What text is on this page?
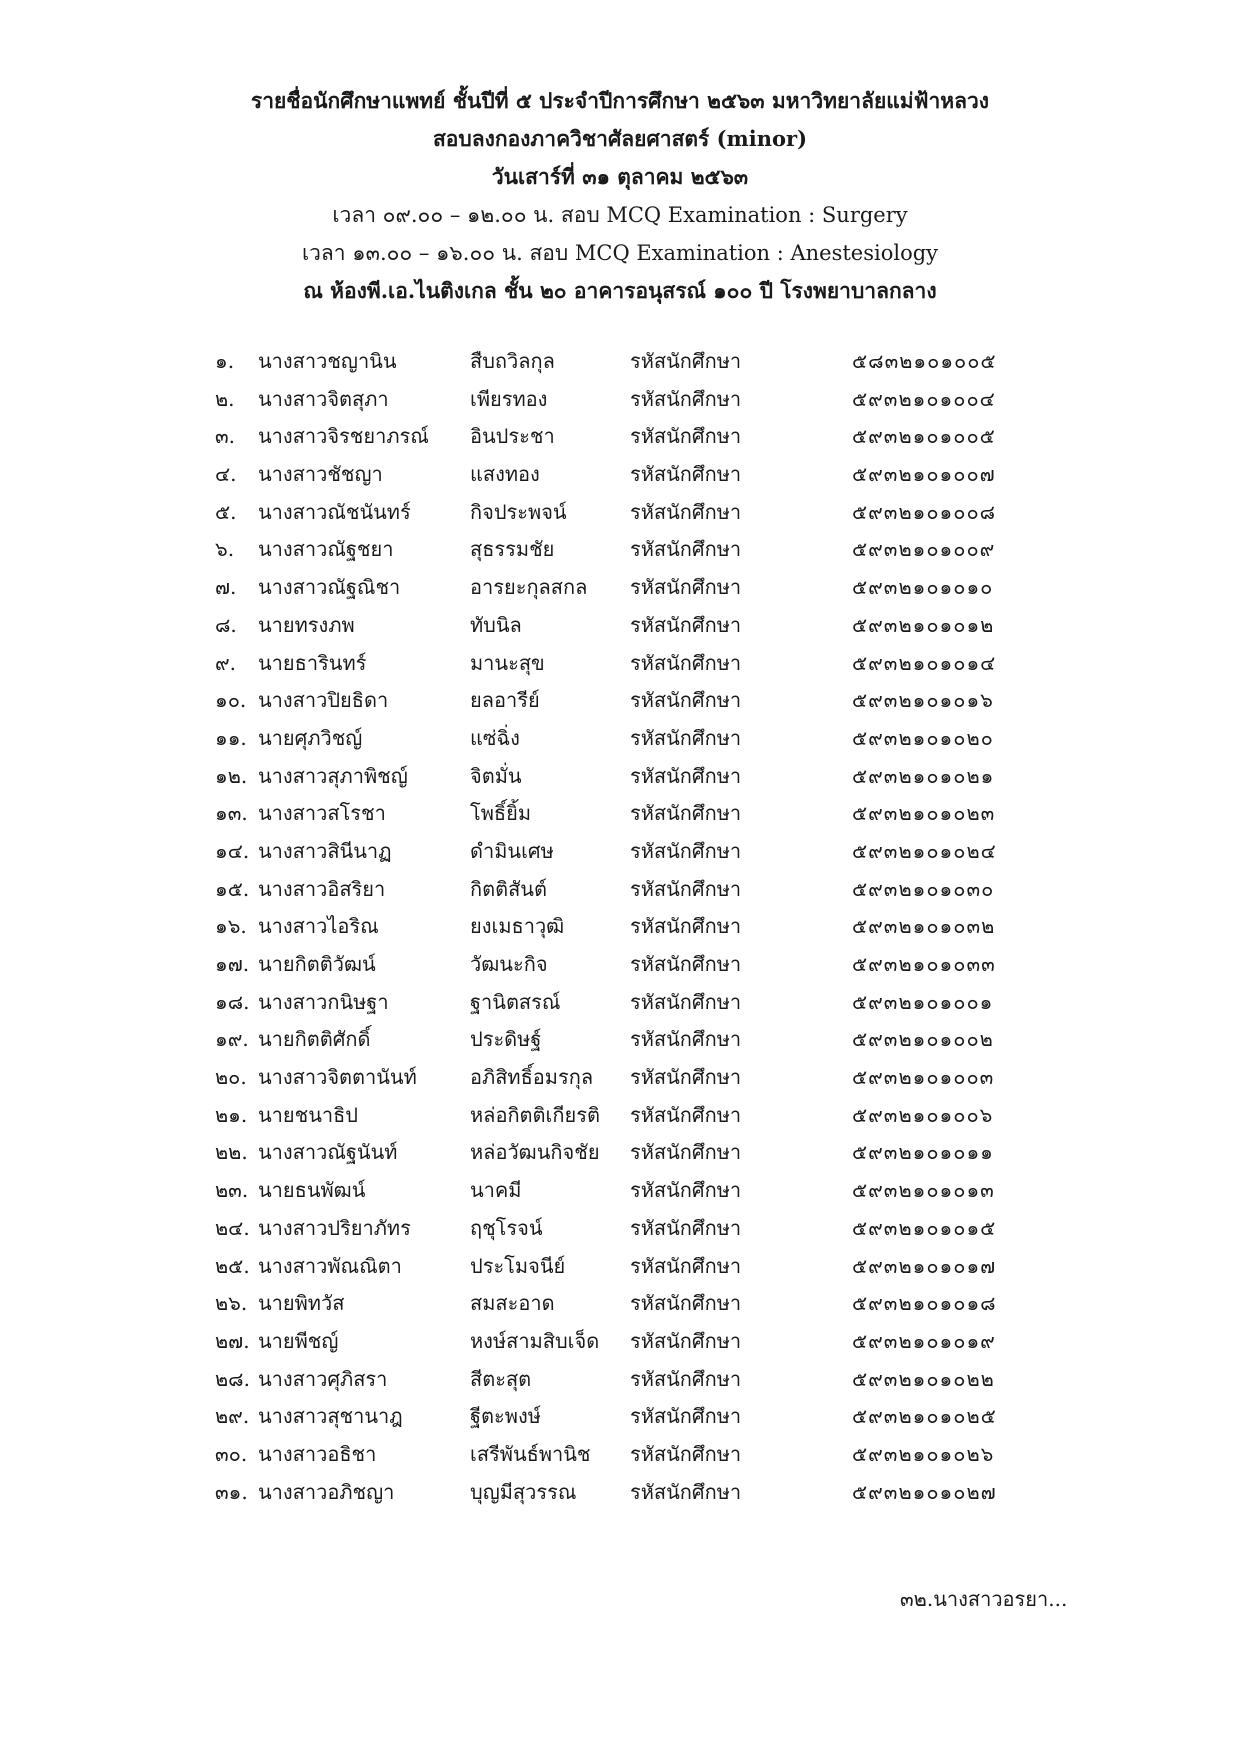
รายชื่อนักศึกษาแพทย์ ชั้นปีที่ ๕ ประจำปีการศึกษา ๒๕๖๓ มหาวิทยาลัยแม่ฟ้าหลวง
สอบลงกองภาควิชาศัลยศาสตร์ (minor)
วันเสาร์ที่ ๓๑ ตุลาคม ๒๕๖๓
เวลา ๐๙.๐๐ – ๑๒.๐๐ น. สอบ MCQ Examination : Surgery
เวลา ๑๓.๐๐ – ๑๖.๐๐ น. สอบ MCQ Examination : Anestesiology
ณ ห้องพี.เอ.ไนติงเกล ชั้น ๒๐ อาคารอนุสรณ์ ๑๐๐ ปี โรงพยาบาลกลาง
๑.	นางสาวชญานิน	สืบถวิลกุล	รหัสนักศึกษา	๕๘๓๒๑๐๑๐๐๕
๒.	นางสาวจิตสุภา	เพียรทอง	รหัสนักศึกษา	๕๙๓๒๑๐๑๐๐๔
๓.	นางสาวจิรชยาภรณ์	อินประชา	รหัสนักศึกษา	๕๙๓๒๑๐๑๐๐๕
๔.	นางสาวชัชญา	แสงทอง	รหัสนักศึกษา	๕๙๓๒๑๐๑๐๐๗
๕.	นางสาวณัชนันทร์	กิจประพจน์	รหัสนักศึกษา	๕๙๓๒๑๐๑๐๐๘
๖.	นางสาวณัฐชยา	สุธรรมชัย	รหัสนักศึกษา	๕๙๓๒๑๐๑๐๐๙
๗.	นางสาวณัฐณิชา	อารยะกุลสกล	รหัสนักศึกษา	๕๙๓๒๑๐๑๐๑๐
๘.	นายทรงภพ	ทับนิล	รหัสนักศึกษา	๕๙๓๒๑๐๑๐๑๒
๙.	นายธารินทร์	มานะสุข	รหัสนักศึกษา	๕๙๓๒๑๐๑๐๑๔
๑๐. นางสาวปิยธิดา	ยลอารีย์	รหัสนักศึกษา	๕๙๓๒๑๐๑๐๑๖
๑๑. นายศุภวิชญ์	แซ่ฉิ่ง	รหัสนักศึกษา	๕๙๓๒๑๐๑๐๒๐
๑๒. นางสาวสุภาพิชญ์	จิตมั่น	รหัสนักศึกษา	๕๙๓๒๑๐๑๐๒๑
๑๓. นางสาวสโรชา	โพธิ์ยิ้ม	รหัสนักศึกษา	๕๙๓๒๑๐๑๐๒๓
๑๔. นางสาวสินีนาฏ	ดำมินเศษ	รหัสนักศึกษา	๕๙๓๒๑๐๑๐๒๔
๑๕. นางสาวอิสริยา	กิตติสันต์	รหัสนักศึกษา	๕๙๓๒๑๐๑๐๓๐
๑๖. นางสาวไอริณ	ยงเมธาวุฒิ	รหัสนักศึกษา	๕๙๓๒๑๐๑๐๓๒
๑๗. นายกิตติวัฒน์	วัฒนะกิจ	รหัสนักศึกษา	๕๙๓๒๑๐๑๐๓๓
๑๘. นางสาวกนิษฐา	ฐานิตสรณ์	รหัสนักศึกษา	๕๙๓๒๑๐๑๐๐๑
๑๙. นายกิตติศักดิ์	ประดิษฐ์	รหัสนักศึกษา	๕๙๓๒๑๐๑๐๐๒
๒๐. นางสาวจิตตานันท์	อภิสิทธิ์อมรกุล	รหัสนักศึกษา	๕๙๓๒๑๐๑๐๐๓
๒๑. นายชนาธิป	หล่อกิตติเกียรติ	รหัสนักศึกษา	๕๙๓๒๑๐๑๐๐๖
๒๒. นางสาวณัฐนันท์	หล่อวัฒนกิจชัย	รหัสนักศึกษา	๕๙๓๒๑๐๑๐๑๑
๒๓. นายธนพัฒน์	นาคมี	รหัสนักศึกษา	๕๙๓๒๑๐๑๐๑๓
๒๔. นางสาวปริยาภัทร	ฤชุโรจน์	รหัสนักศึกษา	๕๙๓๒๑๐๑๐๑๕
๒๕. นางสาวพัณณิตา	ประโมจนีย์	รหัสนักศึกษา	๕๙๓๒๑๐๑๐๑๗
๒๖. นายพิทวัส	สมสะอาด	รหัสนักศึกษา	๕๙๓๒๑๐๑๐๑๘
๒๗. นายพีชญ์	หงษ์สามสิบเจ็ด	รหัสนักศึกษา	๕๙๓๒๑๐๑๐๑๙
๒๘. นางสาวศุภิสรา	สีตะสุต	รหัสนักศึกษา	๕๙๓๒๑๐๑๐๒๒
๒๙. นางสาวสุชานาฎ	ฐีตะพงษ์	รหัสนักศึกษา	๕๙๓๒๑๐๑๐๒๕
๓๐. นางสาวอธิชา	เสรีพันธ์พานิช	รหัสนักศึกษา	๕๙๓๒๑๐๑๐๒๖
๓๑. นางสาวอภิชญา	บุญมีสุวรรณ	รหัสนักศึกษา	๕๙๓๒๑๐๑๐๒๗
๓๒.นางสาวอรยา...
